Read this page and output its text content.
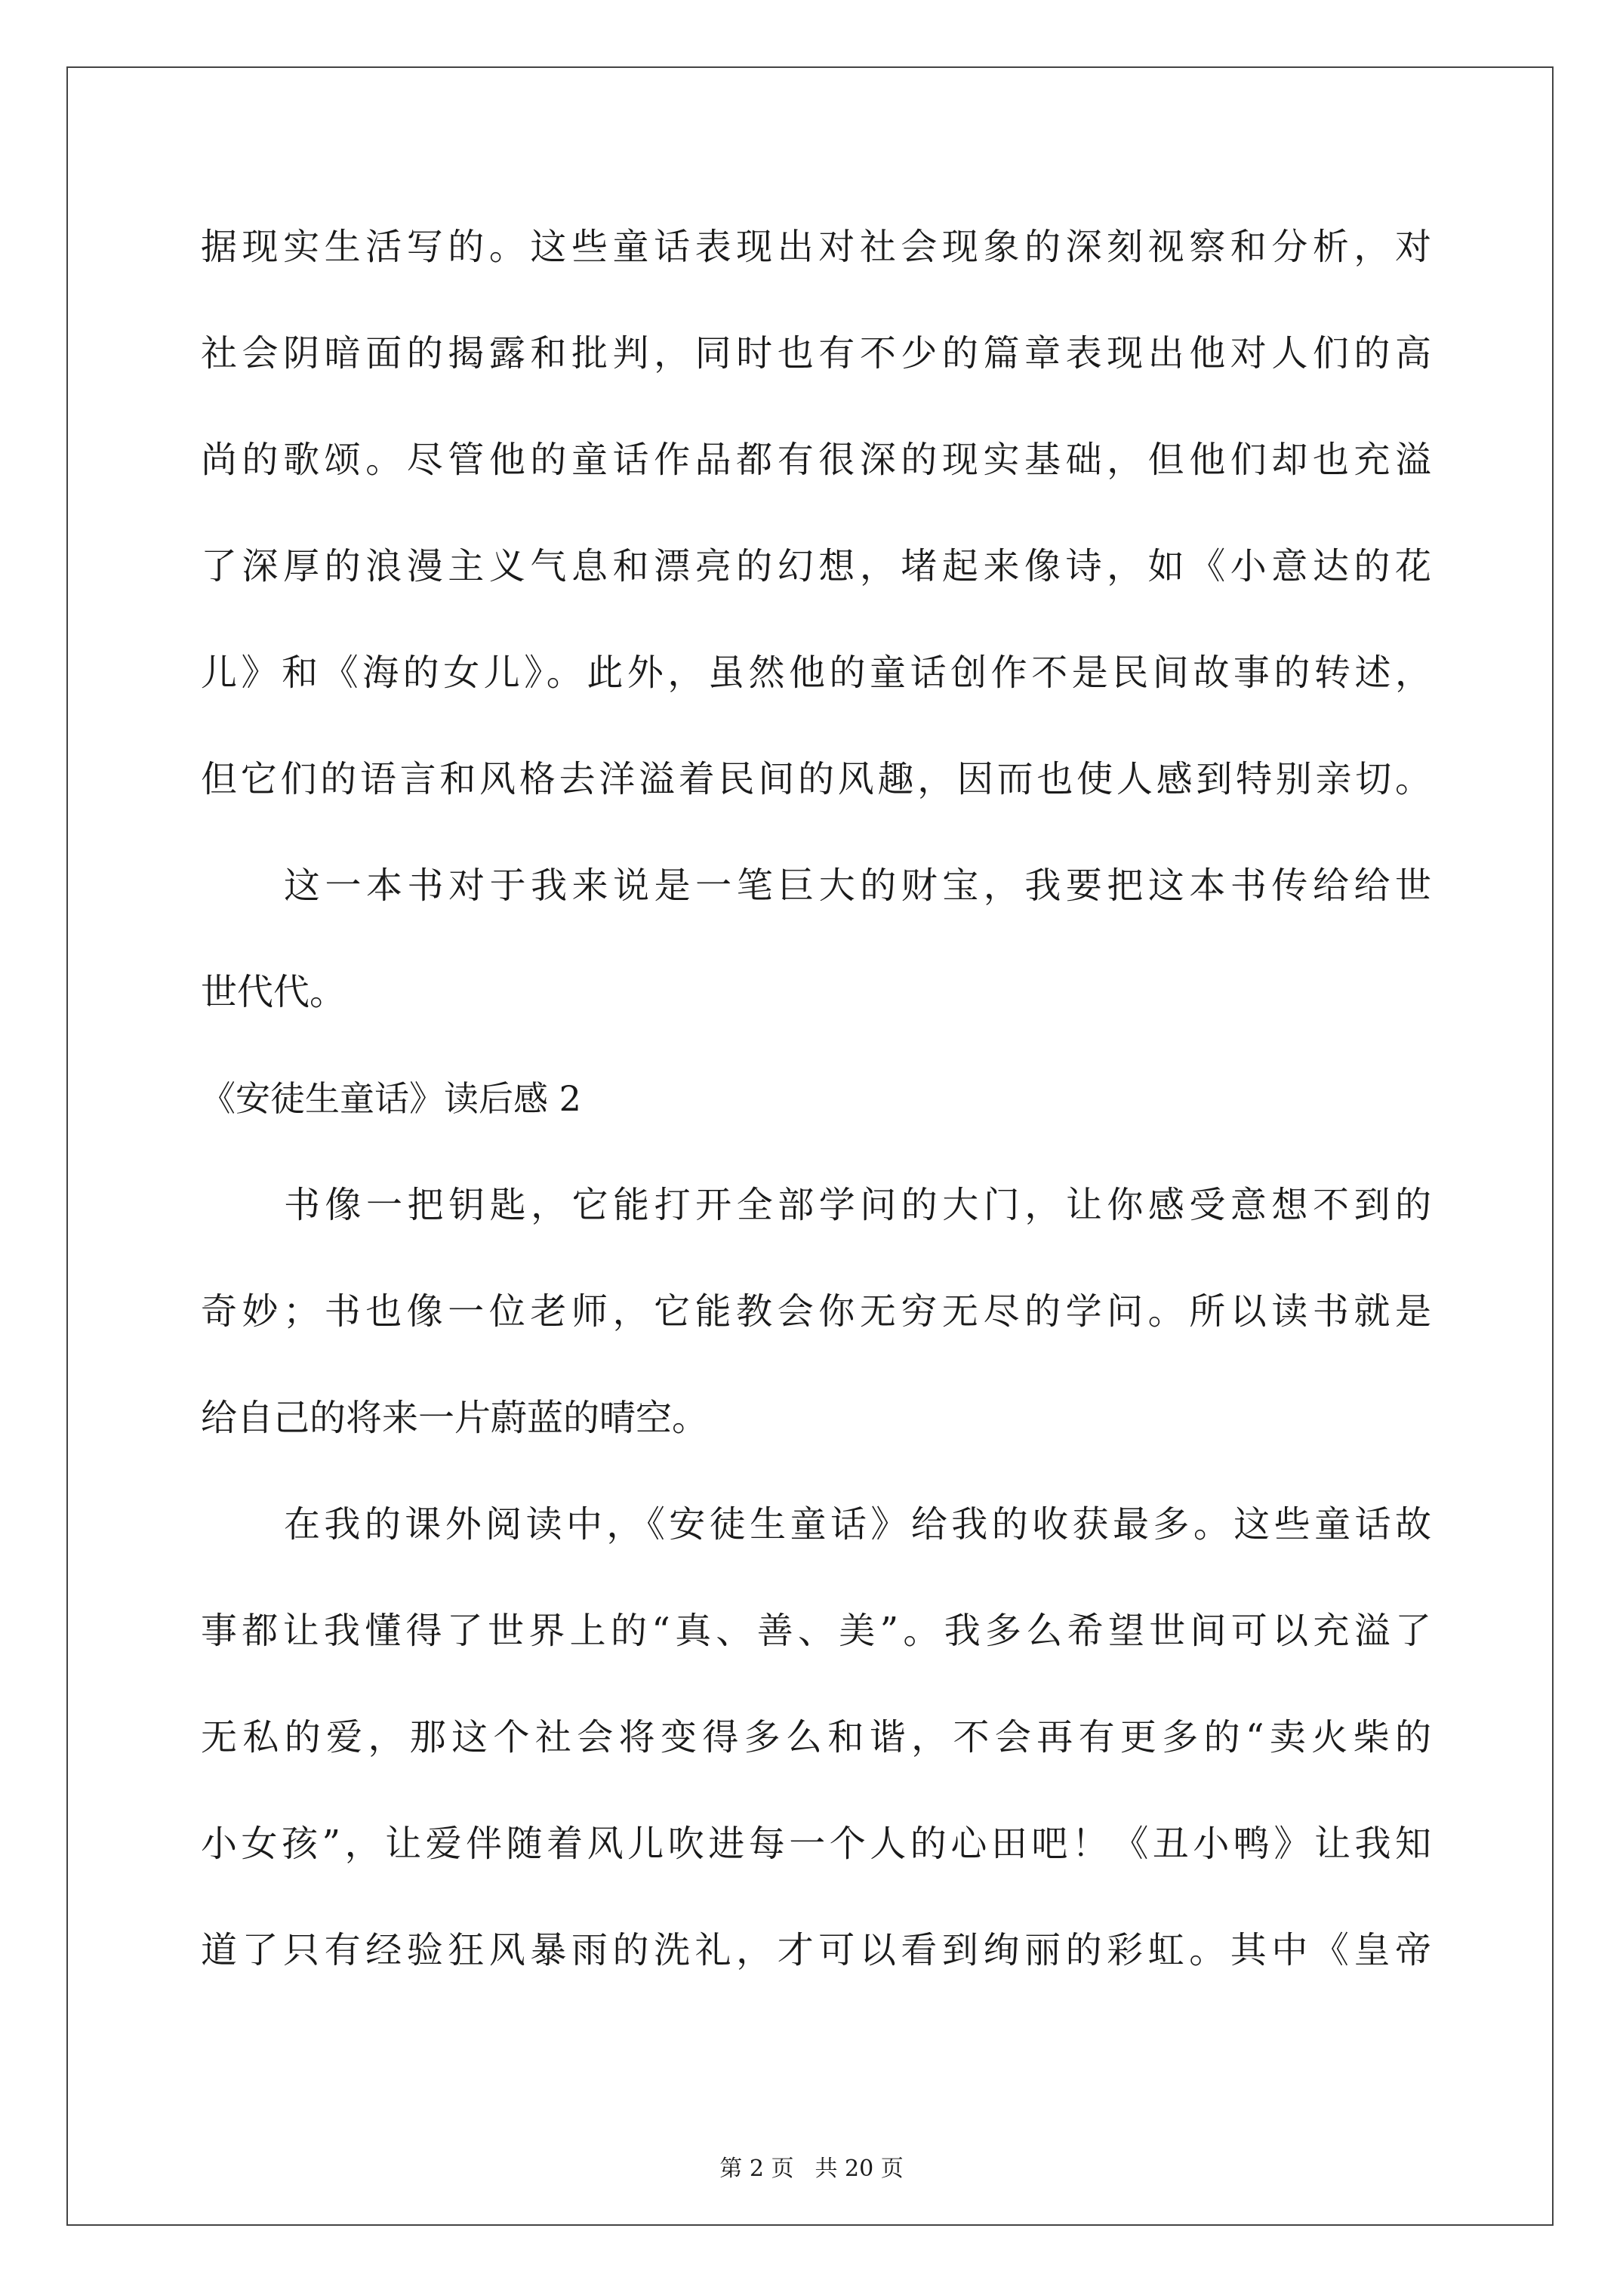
据现实生活写的。这些童话表现出对社会现象的深刻视察和分析，对
社会阴暗面的揭露和批判，同时也有不少的篇章表现出他对人们的高
尚的歌颂。尽管他的童话作品都有很深的现实基础，但他们却也充溢
了深厚的浪漫主义气息和漂亮的幻想，堵起来像诗，如《小意达的花
儿》和《海的女儿》。此外，虽然他的童话创作不是民间故事的转述，
但它们的语言和风格去洋溢着民间的风趣，因而也使人感到特别亲切。
这一本书对于我来说是一笔巨大的财宝，我要把这本书传给给世
世代代。
《安徒生童话》读后感 2
书像一把钥匙，它能打开全部学问的大门，让你感受意想不到的
奇妙；书也像一位老师，它能教会你无穷无尽的学问。所以读书就是
给自己的将来一片蔚蓝的晴空。
在我的课外阅读中，《安徒生童话》给我的收获最多。这些童话故
事都让我懂得了世界上的“真、善、美”。我多么希望世间可以充溢了
无私的爱，那这个社会将变得多么和谐，不会再有更多的“卖火柴的
小女孩”，让爱伴随着风儿吹进每一个人的心田吧！《丑小鸭》让我知
道了只有经验狂风暴雨的洗礼，才可以看到绚丽的彩虹。其中《皇帝
第 2 页 共 20 页
